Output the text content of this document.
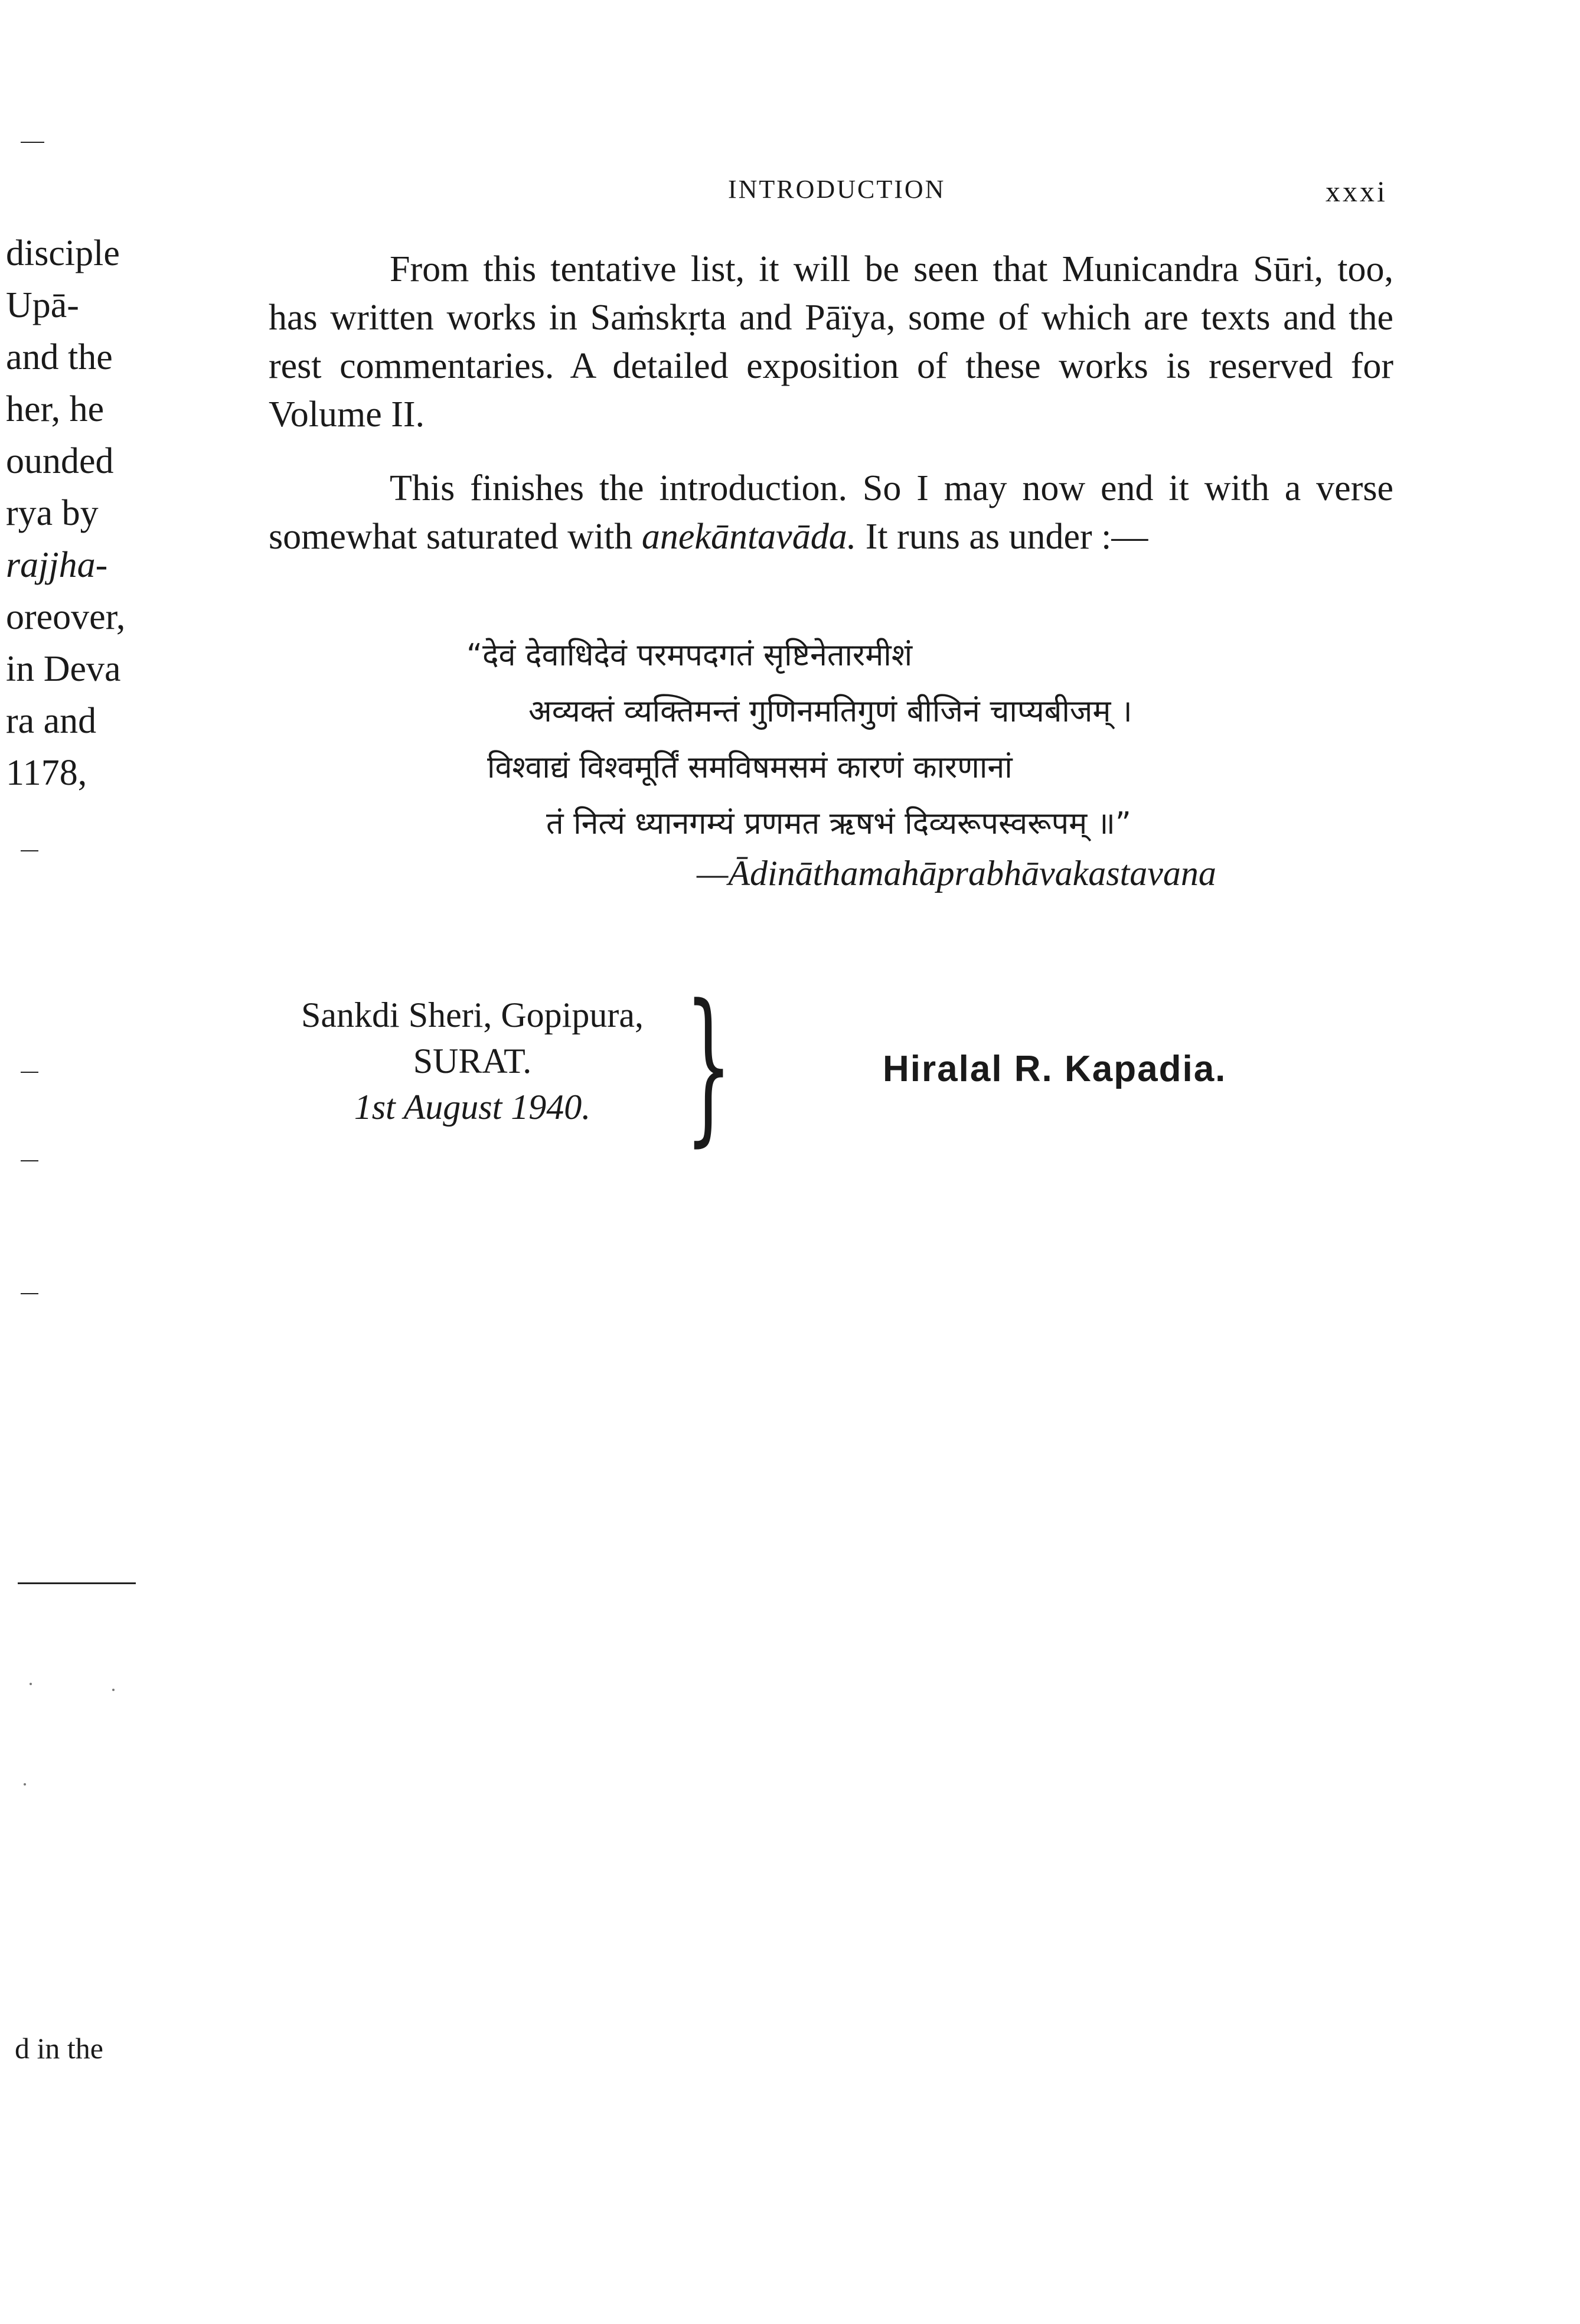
INTRODUCTION	xxxi
disciple
Upā-
and the
her, he
ounded
rya by
rajjha-
oreover,
in Deva
ra and
1178,

From this tentative list, it will be seen that Municandra Sūri, too, has written works in Saṁskṛta and Pāïya, some of which are texts and the rest commentaries. A detailed exposition of these works is reserved for Volume II.

This finishes the introduction. So I may now end it with a verse somewhat saturated with anekāntavāda. It runs as under :—

“देवं देवाधिदेवं परमपदगतं सृष्टिनेतारमीशं
अव्यक्तं व्यक्तिमन्तं गुणिनमतिगुणं बीजिनं चाप्यबीजम् ।
विश्वाद्यं विश्वमूर्तिं समविषमसमं कारणं कारणानां
तं नित्यं ध्यानगम्यं प्रणमत ऋषभं दिव्यरूपस्वरूपम् ॥”
—Ādināthamahāprabhāvakastavana
Sankdi Sheri, Gopipura,
SURAT.
1st August 1940. }	Hiralal R. Kapadia.
d in the
